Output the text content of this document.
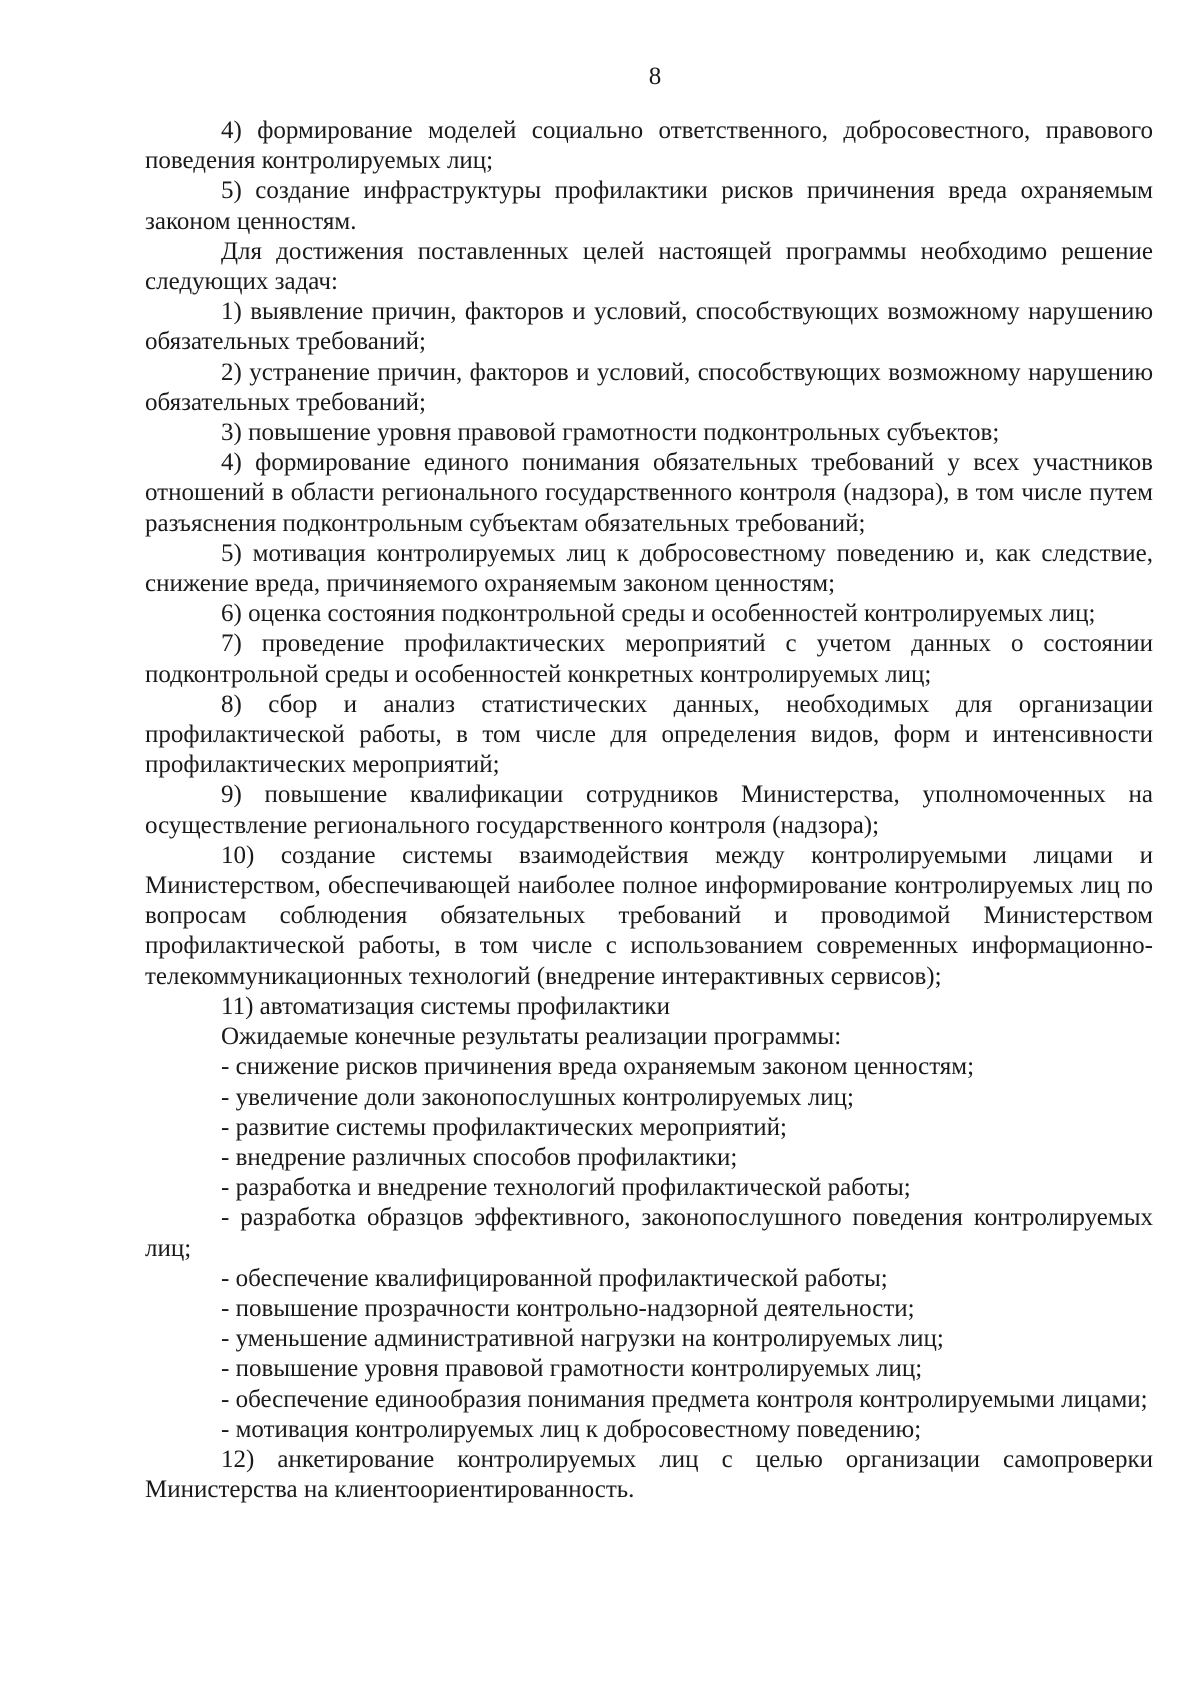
8

4) формирование моделей социально ответственного, добросовестного, правового поведения контролируемых лиц;

5) создание инфраструктуры профилактики рисков причинения вреда охраняемым законом ценностям.

Для достижения поставленных целей настоящей программы необходимо решение следующих задач:

1) выявление причин, факторов и условий, способствующих возможному нарушению обязательных требований;

2) устранение причин, факторов и условий, способствующих возможному нарушению обязательных требований;

3) повышение уровня правовой грамотности подконтрольных субъектов;

4) формирование единого понимания обязательных требований у всех участников отношений в области регионального государственного контроля (надзора), в том числе путем разъяснения подконтрольным субъектам обязательных требований;

5) мотивация контролируемых лиц к добросовестному поведению и, как следствие, снижение вреда, причиняемого охраняемым законом ценностям;

6) оценка состояния подконтрольной среды и особенностей контролируемых лиц;

7) проведение профилактических мероприятий с учетом данных о состоянии подконтрольной среды и особенностей конкретных контролируемых лиц;

8) сбор и анализ статистических данных, необходимых для организации профилактической работы, в том числе для определения видов, форм и интенсивности профилактических мероприятий;

9) повышение квалификации сотрудников Министерства, уполномоченных на осуществление регионального государственного контроля (надзора);

10) создание системы взаимодействия между контролируемыми лицами и Министерством, обеспечивающей наиболее полное информирование контролируемых лиц по вопросам соблюдения обязательных требований и проводимой Министерством профилактической работы, в том числе с использованием современных информационно-телекоммуникационных технологий (внедрение интерактивных сервисов);

11) автоматизация системы профилактики

Ожидаемые конечные результаты реализации программы:

- снижение рисков причинения вреда охраняемым законом ценностям;

- увеличение доли законопослушных контролируемых лиц;

- развитие системы профилактических мероприятий;

- внедрение различных способов профилактики;

- разработка и внедрение технологий профилактической работы;

- разработка образцов эффективного, законопослушного поведения контролируемых лиц;

- обеспечение квалифицированной профилактической работы;

- повышение прозрачности контрольно-надзорной деятельности;

- уменьшение административной нагрузки на контролируемых лиц;

- повышение уровня правовой грамотности контролируемых лиц;

- обеспечение единообразия понимания предмета контроля контролируемыми лицами;

- мотивация контролируемых лиц к добросовестному поведению;

12) анкетирование контролируемых лиц с целью организации самопроверки Министерства на клиентоориентированность.
